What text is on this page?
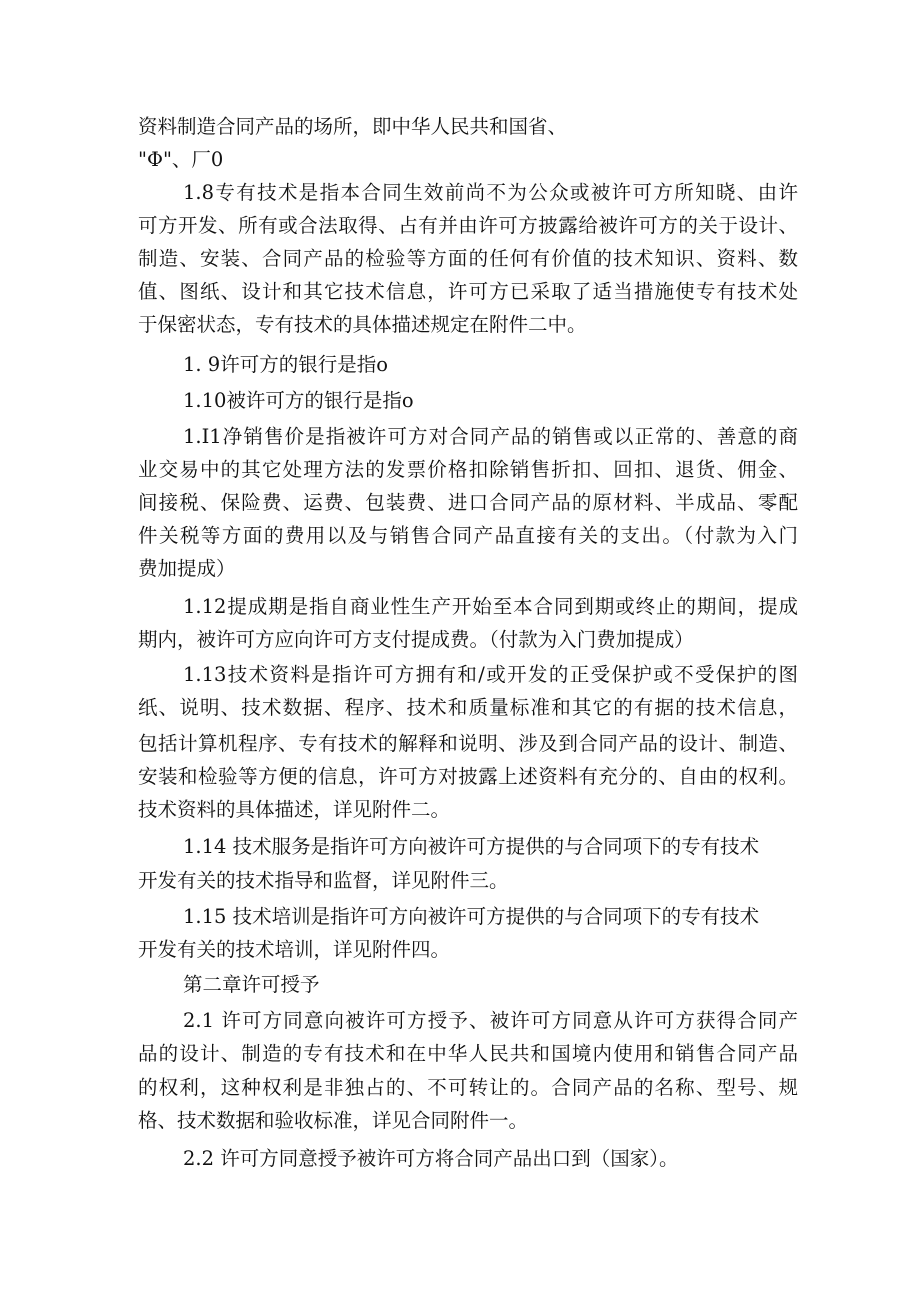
资料制造合同产品的场所，即中华人民共和国省、
"Φ"、厂0
1.8专有技术是指本合同生效前尚不为公众或被许可方所知晓、由许
可方开发、所有或合法取得、占有并由许可方披露给被许可方的关于设计、
制造、安装、合同产品的检验等方面的任何有价值的技术知识、资料、数
值、图纸、设计和其它技术信息，许可方已采取了适当措施使专有技术处
于保密状态，专有技术的具体描述规定在附件二中。
1. 9许可方的银行是指o
1.10被许可方的银行是指o
1.I1净销售价是指被许可方对合同产品的销售或以正常的、善意的商
业交易中的其它处理方法的发票价格扣除销售折扣、回扣、退货、佣金、
间接税、保险费、运费、包装费、进口合同产品的原材料、半成品、零配
件关税等方面的费用以及与销售合同产品直接有关的支出。（付款为入门
费加提成）
1.12提成期是指自商业性生产开始至本合同到期或终止的期间，提成
期内，被许可方应向许可方支付提成费。（付款为入门费加提成）
1.13技术资料是指许可方拥有和/或开发的正受保护或不受保护的图
纸、说明、技术数据、程序、技术和质量标准和其它的有据的技术信息，
包括计算机程序、专有技术的解释和说明、涉及到合同产品的设计、制造、
安装和检验等方便的信息，许可方对披露上述资料有充分的、自由的权利。
技术资料的具体描述，详见附件二。
1.14 技术服务是指许可方向被许可方提供的与合同项下的专有技术
开发有关的技术指导和监督，详见附件三。
1.15 技术培训是指许可方向被许可方提供的与合同项下的专有技术
开发有关的技术培训，详见附件四。
第二章许可授予
2.1 许可方同意向被许可方授予、被许可方同意从许可方获得合同产
品的设计、制造的专有技术和在中华人民共和国境内使用和销售合同产品
的权利，这种权利是非独占的、不可转让的。合同产品的名称、型号、规
格、技术数据和验收标准，详见合同附件一。
2.2 许可方同意授予被许可方将合同产品出口到（国家）。
